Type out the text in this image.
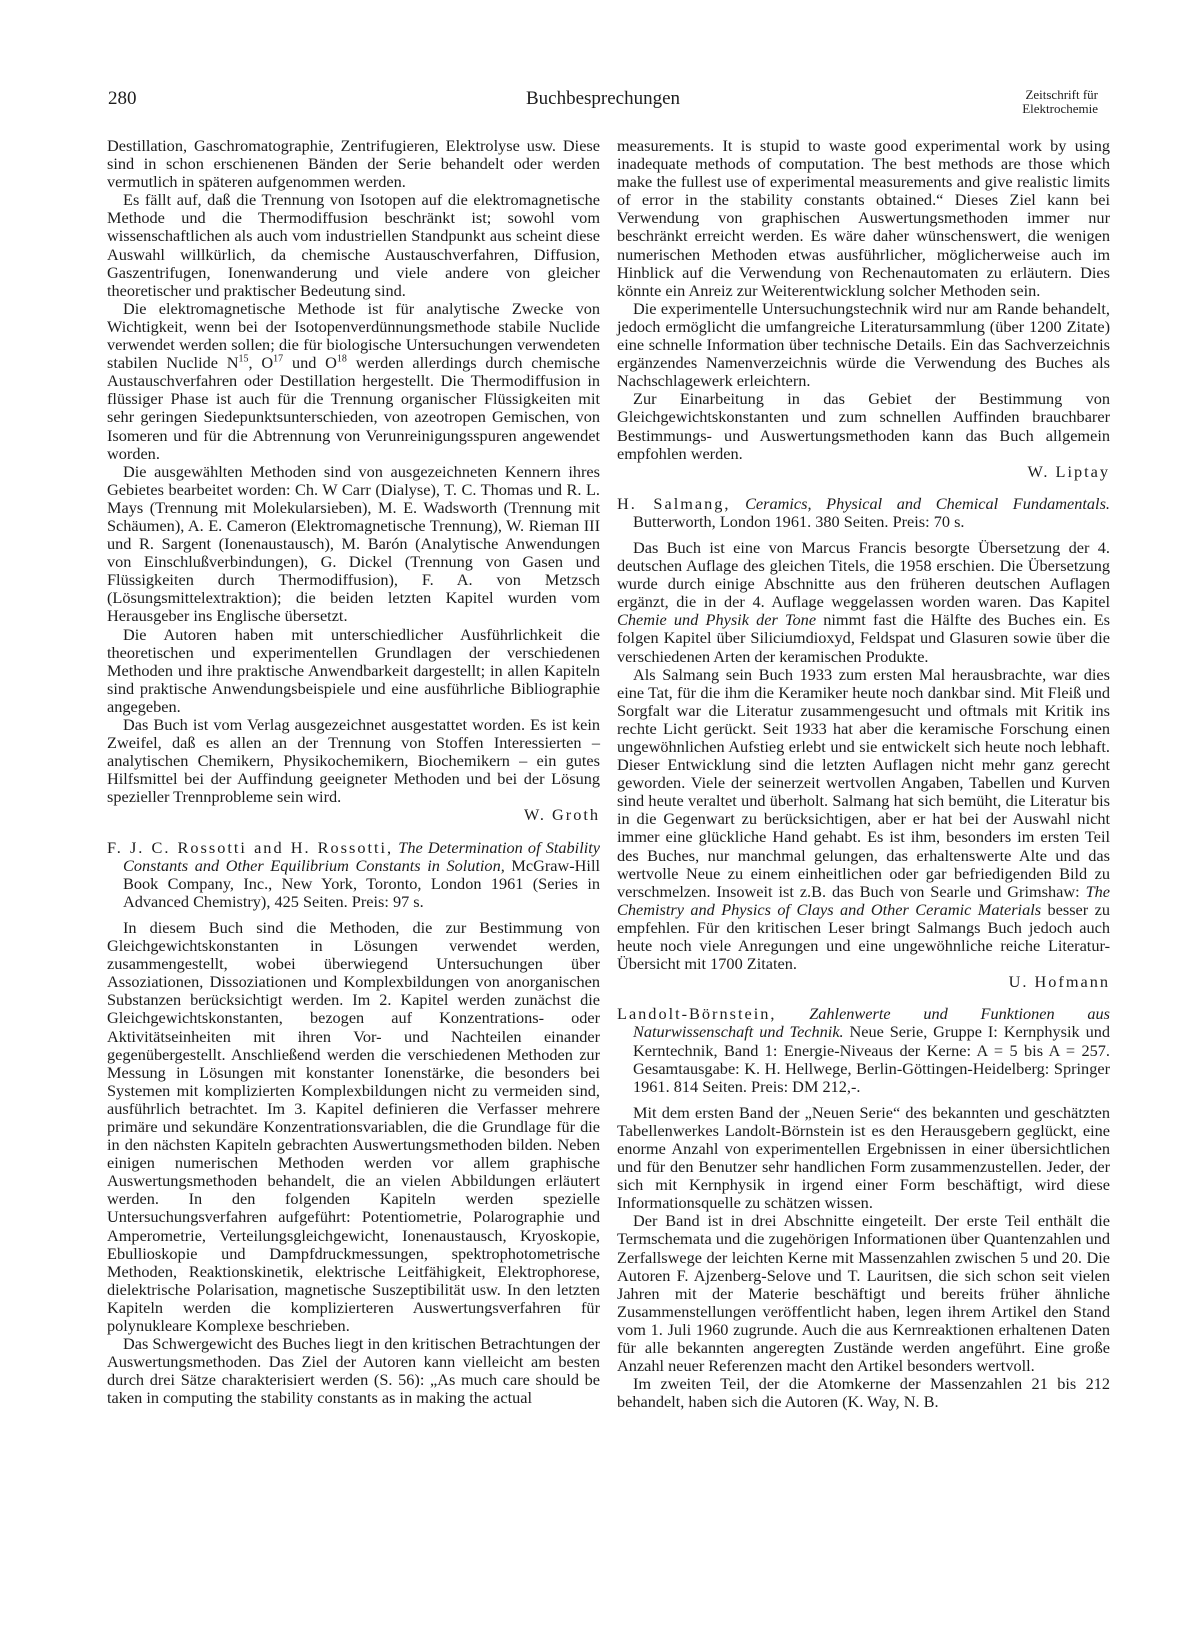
280	Buchbesprechungen	Zeitschrift für
Elektrochemie

Destillation, Gaschromatographie, Zentrifugieren, Elektrolyse usw. Diese sind in schon erschienenen Bänden der Serie behandelt oder werden vermutlich in späteren aufgenommen werden.

Es fällt auf, daß die Trennung von Isotopen auf die elektromagnetische Methode und die Thermodiffusion beschränkt ist; sowohl vom wissenschaftlichen als auch vom industriellen Standpunkt aus scheint diese Auswahl willkürlich, da chemische Austauschverfahren, Diffusion, Gaszentrifugen, Ionenwanderung und viele andere von gleicher theoretischer und praktischer Bedeutung sind.

Die elektromagnetische Methode ist für analytische Zwecke von Wichtigkeit, wenn bei der Isotopenverdünnungsmethode stabile Nuclide verwendet werden sollen; die für biologische Untersuchungen verwendeten stabilen Nuclide $N^{15}$, $O^{17}$ und $O^{18}$ werden allerdings durch chemische Austauschverfahren oder Destillation hergestellt. Die Thermodiffusion in flüssiger Phase ist auch für die Trennung organischer Flüssigkeiten mit sehr geringen Siedepunktsunterschieden, von azeotropen Gemischen, von Isomeren und für die Abtrennung von Verunreinigungsspuren angewendet worden.

Die ausgewählten Methoden sind von ausgezeichneten Kennern ihres Gebietes bearbeitet worden: Ch. W Carr (Dialyse), T. C. Thomas und R. L. Mays (Trennung mit Molekularsieben), M. E. Wadsworth (Trennung mit Schäumen), A. E. Cameron (Elektromagnetische Trennung), W. Rieman III und R. Sargent (Ionenaustausch), M. Barón (Analytische Anwendungen von Einschlußverbindungen), G. Dickel (Trennung von Gasen und Flüssigkeiten durch Thermodiffusion), F. A. von Metzsch (Lösungsmittelextraktion); die beiden letzten Kapitel wurden vom Herausgeber ins Englische übersetzt.

Die Autoren haben mit unterschiedlicher Ausführlichkeit die theoretischen und experimentellen Grundlagen der verschiedenen Methoden und ihre praktische Anwendbarkeit dargestellt; in allen Kapiteln sind praktische Anwendungsbeispiele und eine ausführliche Bibliographie angegeben.

Das Buch ist vom Verlag ausgezeichnet ausgestattet worden. Es ist kein Zweifel, daß es allen an der Trennung von Stoffen Interessierten – analytischen Chemikern, Physikochemikern, Biochemikern – ein gutes Hilfsmittel bei der Auffindung geeigneter Methoden und bei der Lösung spezieller Trennprobleme sein wird.

W. Groth

F. J. C. Rossotti and H. Rossotti, The Determination of Stability Constants and Other Equilibrium Constants in Solution, McGraw-Hill Book Company, Inc., New York, Toronto, London 1961 (Series in Advanced Chemistry), 425 Seiten. Preis: 97 s.

In diesem Buch sind die Methoden, die zur Bestimmung von Gleichgewichtskonstanten in Lösungen verwendet werden, zusammengestellt, wobei überwiegend Untersuchungen über Assoziationen, Dissoziationen und Komplexbildungen von anorganischen Substanzen berücksichtigt werden. Im 2. Kapitel werden zunächst die Gleichgewichtskonstanten, bezogen auf Konzentrations- oder Aktivitätseinheiten mit ihren Vor- und Nachteilen einander gegenübergestellt. Anschließend werden die verschiedenen Methoden zur Messung in Lösungen mit konstanter Ionenstärke, die besonders bei Systemen mit komplizierten Komplexbildungen nicht zu vermeiden sind, ausführlich betrachtet. Im 3. Kapitel definieren die Verfasser mehrere primäre und sekundäre Konzentrationsvariablen, die die Grundlage für die in den nächsten Kapiteln gebrachten Auswertungsmethoden bilden. Neben einigen numerischen Methoden werden vor allem graphische Auswertungsmethoden behandelt, die an vielen Abbildungen erläutert werden. In den folgenden Kapiteln werden spezielle Untersuchungsverfahren aufgeführt: Potentiometrie, Polarographie und Amperometrie, Verteilungsgleichgewicht, Ionenaustausch, Kryoskopie, Ebullioskopie und Dampfdruckmessungen, spektrophotometrische Methoden, Reaktionskinetik, elektrische Leitfähigkeit, Elektrophorese, dielektrische Polarisation, magnetische Suszeptibilität usw. In den letzten Kapiteln werden die komplizierteren Auswertungsverfahren für polynukleare Komplexe beschrieben.

Das Schwergewicht des Buches liegt in den kritischen Betrachtungen der Auswertungsmethoden. Das Ziel der Autoren kann vielleicht am besten durch drei Sätze charakterisiert werden (S. 56): „As much care should be taken in computing the stability constants as in making the actual

measurements. It is stupid to waste good experimental work by using inadequate methods of computation. The best methods are those which make the fullest use of experimental measurements and give realistic limits of error in the stability constants obtained.“ Dieses Ziel kann bei Verwendung von graphischen Auswertungsmethoden immer nur beschränkt erreicht werden. Es wäre daher wünschenswert, die wenigen numerischen Methoden etwas ausführlicher, möglicherweise auch im Hinblick auf die Verwendung von Rechenautomaten zu erläutern. Dies könnte ein Anreiz zur Weiterentwicklung solcher Methoden sein.

Die experimentelle Untersuchungstechnik wird nur am Rande behandelt, jedoch ermöglicht die umfangreiche Literatursammlung (über 1200 Zitate) eine schnelle Information über technische Details. Ein das Sachverzeichnis ergänzendes Namenverzeichnis würde die Verwendung des Buches als Nachschlagewerk erleichtern.

Zur Einarbeitung in das Gebiet der Bestimmung von Gleichgewichtskonstanten und zum schnellen Auffinden brauchbarer Bestimmungs- und Auswertungsmethoden kann das Buch allgemein empfohlen werden.

W. Liptay

H. Salmang, Ceramics, Physical and Chemical Fundamentals. Butterworth, London 1961. 380 Seiten. Preis: 70 s.

Das Buch ist eine von Marcus Francis besorgte Übersetzung der 4. deutschen Auflage des gleichen Titels, die 1958 erschien. Die Übersetzung wurde durch einige Abschnitte aus den früheren deutschen Auflagen ergänzt, die in der 4. Auflage weggelassen worden waren. Das Kapitel Chemie und Physik der Tone nimmt fast die Hälfte des Buches ein. Es folgen Kapitel über Siliciumdioxyd, Feldspat und Glasuren sowie über die verschiedenen Arten der keramischen Produkte.

Als Salmang sein Buch 1933 zum ersten Mal herausbrachte, war dies eine Tat, für die ihm die Keramiker heute noch dankbar sind. Mit Fleiß und Sorgfalt war die Literatur zusammengesucht und oftmals mit Kritik ins rechte Licht gerückt. Seit 1933 hat aber die keramische Forschung einen ungewöhnlichen Aufstieg erlebt und sie entwickelt sich heute noch lebhaft. Dieser Entwicklung sind die letzten Auflagen nicht mehr ganz gerecht geworden. Viele der seinerzeit wertvollen Angaben, Tabellen und Kurven sind heute veraltet und überholt. Salmang hat sich bemüht, die Literatur bis in die Gegenwart zu berücksichtigen, aber er hat bei der Auswahl nicht immer eine glückliche Hand gehabt. Es ist ihm, besonders im ersten Teil des Buches, nur manchmal gelungen, das erhaltenswerte Alte und das wertvolle Neue zu einem einheitlichen oder gar befriedigenden Bild zu verschmelzen. Insoweit ist z.B. das Buch von Searle und Grimshaw: The Chemistry and Physics of Clays and Other Ceramic Materials besser zu empfehlen. Für den kritischen Leser bringt Salmangs Buch jedoch auch heute noch viele Anregungen und eine ungewöhnliche reiche Literatur-Übersicht mit 1700 Zitaten.

U. Hofmann

Landolt-Börnstein, Zahlenwerte und Funktionen aus Naturwissenschaft und Technik. Neue Serie, Gruppe I: Kernphysik und Kerntechnik, Band 1: Energie-Niveaus der Kerne: A = 5 bis A = 257. Gesamtausgabe: K. H. Hellwege, Berlin-Göttingen-Heidelberg: Springer 1961. 814 Seiten. Preis: DM 212,-.

Mit dem ersten Band der „Neuen Serie“ des bekannten und geschätzten Tabellenwerkes Landolt-Börnstein ist es den Herausgebern geglückt, eine enorme Anzahl von experimentellen Ergebnissen in einer übersichtlichen und für den Benutzer sehr handlichen Form zusammenzustellen. Jeder, der sich mit Kernphysik in irgend einer Form beschäftigt, wird diese Informationsquelle zu schätzen wissen.

Der Band ist in drei Abschnitte eingeteilt. Der erste Teil enthält die Termschemata und die zugehörigen Informationen über Quantenzahlen und Zerfallswege der leichten Kerne mit Massenzahlen zwischen 5 und 20. Die Autoren F. Ajzenberg-Selove und T. Lauritsen, die sich schon seit vielen Jahren mit der Materie beschäftigt und bereits früher ähnliche Zusammenstellungen veröffentlicht haben, legen ihrem Artikel den Stand vom 1. Juli 1960 zugrunde. Auch die aus Kernreaktionen erhaltenen Daten für alle bekannten angeregten Zustände werden angeführt. Eine große Anzahl neuer Referenzen macht den Artikel besonders wertvoll.

Im zweiten Teil, der die Atomkerne der Massenzahlen 21 bis 212 behandelt, haben sich die Autoren (K. Way, N. B.
